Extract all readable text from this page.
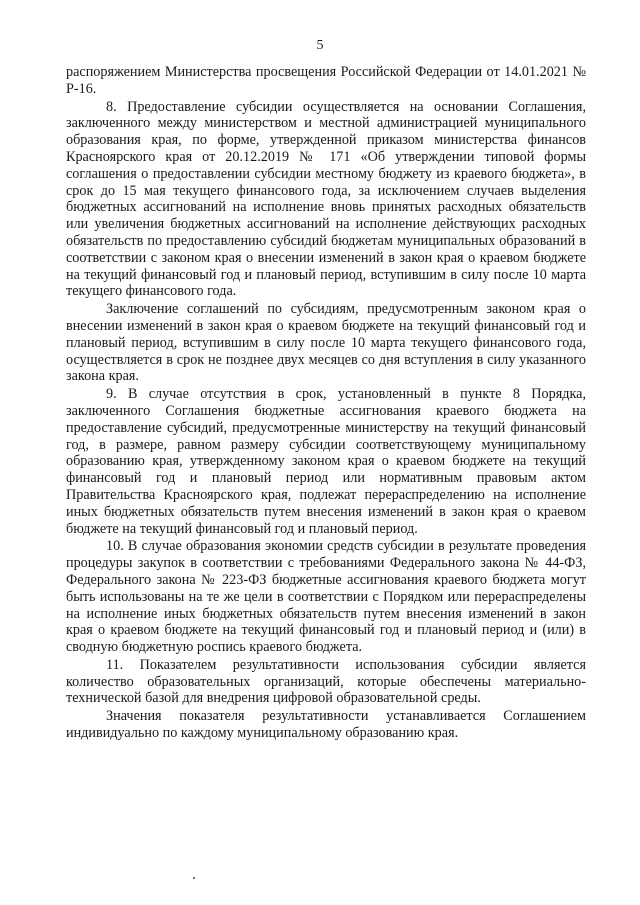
5

распоряжением Министерства просвещения Российской Федерации от 14.01.2021 № Р-16.

8. Предоставление субсидии осуществляется на основании Соглашения, заключенного между министерством и местной администрацией муниципального образования края, по форме, утвержденной приказом министерства финансов Красноярского края от 20.12.2019 № 171 «Об утверждении типовой формы соглашения о предоставлении субсидии местному бюджету из краевого бюджета», в срок до 15 мая текущего финансового года, за исключением случаев выделения бюджетных ассигнований на исполнение вновь принятых расходных обязательств или увеличения бюджетных ассигнований на исполнение действующих расходных обязательств по предоставлению субсидий бюджетам муниципальных образований в соответствии с законом края о внесении изменений в закон края о краевом бюджете на текущий финансовый год и плановый период, вступившим в силу после 10 марта текущего финансового года.

Заключение соглашений по субсидиям, предусмотренным законом края о внесении изменений в закон края о краевом бюджете на текущий финансовый год и плановый период, вступившим в силу после 10 марта текущего финансового года, осуществляется в срок не позднее двух месяцев со дня вступления в силу указанного закона края.

9. В случае отсутствия в срок, установленный в пункте 8 Порядка, заключенного Соглашения бюджетные ассигнования краевого бюджета на предоставление субсидий, предусмотренные министерству на текущий финансовый год, в размере, равном размеру субсидии соответствующему муниципальному образованию края, утвержденному законом края о краевом бюджете на текущий финансовый год и плановый период или нормативным правовым актом Правительства Красноярского края, подлежат перераспределению на исполнение иных бюджетных обязательств путем внесения изменений в закон края о краевом бюджете на текущий финансовый год и плановый период.

10. В случае образования экономии средств субсидии в результате проведения процедуры закупок в соответствии с требованиями Федерального закона № 44-ФЗ, Федерального закона № 223-ФЗ бюджетные ассигнования краевого бюджета могут быть использованы на те же цели в соответствии с Порядком или перераспределены на исполнение иных бюджетных обязательств путем внесения изменений в закон края о краевом бюджете на текущий финансовый год и плановый период и (или) в сводную бюджетную роспись краевого бюджета.

11. Показателем результативности использования субсидии является количество образовательных организаций, которые обеспечены материально-технической базой для внедрения цифровой образовательной среды.

Значения показателя результативности устанавливается Соглашением индивидуально по каждому муниципальному образованию края.
